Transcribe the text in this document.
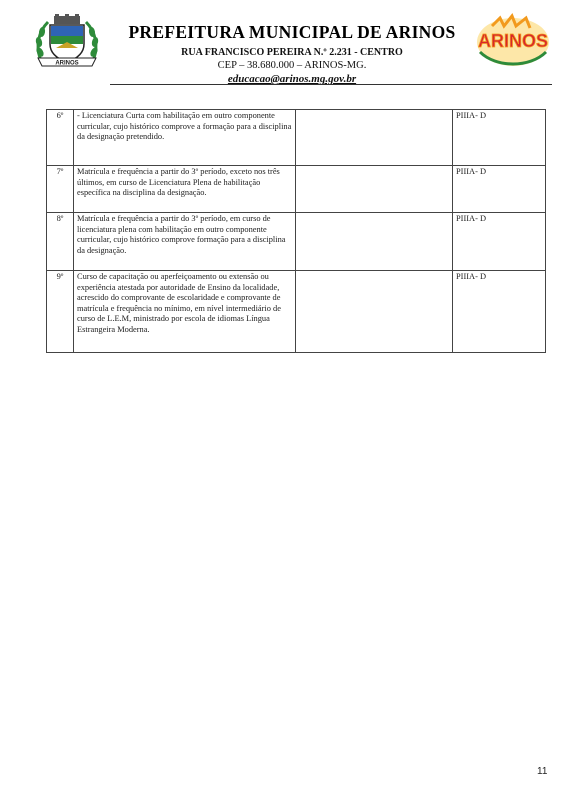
ARINOS
PREFEITURA MUNICIPAL DE ARINOS
RUA FRANCISCO PEREIRA N.º 2.231 - CENTRO
CEP – 38.680.000 – ARINOS-MG.
educacao@arinos.mg.gov.br
ARINOS
6º	- Licenciatura Curta com habilitação em outro componente curricular, cujo histórico comprove a formação para a disciplina da designação pretendido.		PIIIA- D
7º	Matrícula e frequência a partir do 3º período, exceto nos três últimos, em curso de Licenciatura Plena de habilitação específica na disciplina da designação.		PIIIA- D
8º	Matrícula e frequência a partir do 3º período, em curso de licenciatura plena com habilitação em outro componente curricular, cujo histórico comprove formação para a disciplina da designação.		PIIIA- D
9º	Curso de capacitação ou aperfeiçoamento ou extensão ou experiência atestada por autoridade de Ensino da localidade, acrescido do comprovante de escolaridade e comprovante de matrícula e frequência no mínimo, em nível intermediário de curso de L.E.M, ministrado por escola de idiomas Língua Estrangeira Moderna.		PIIIA- D
11
